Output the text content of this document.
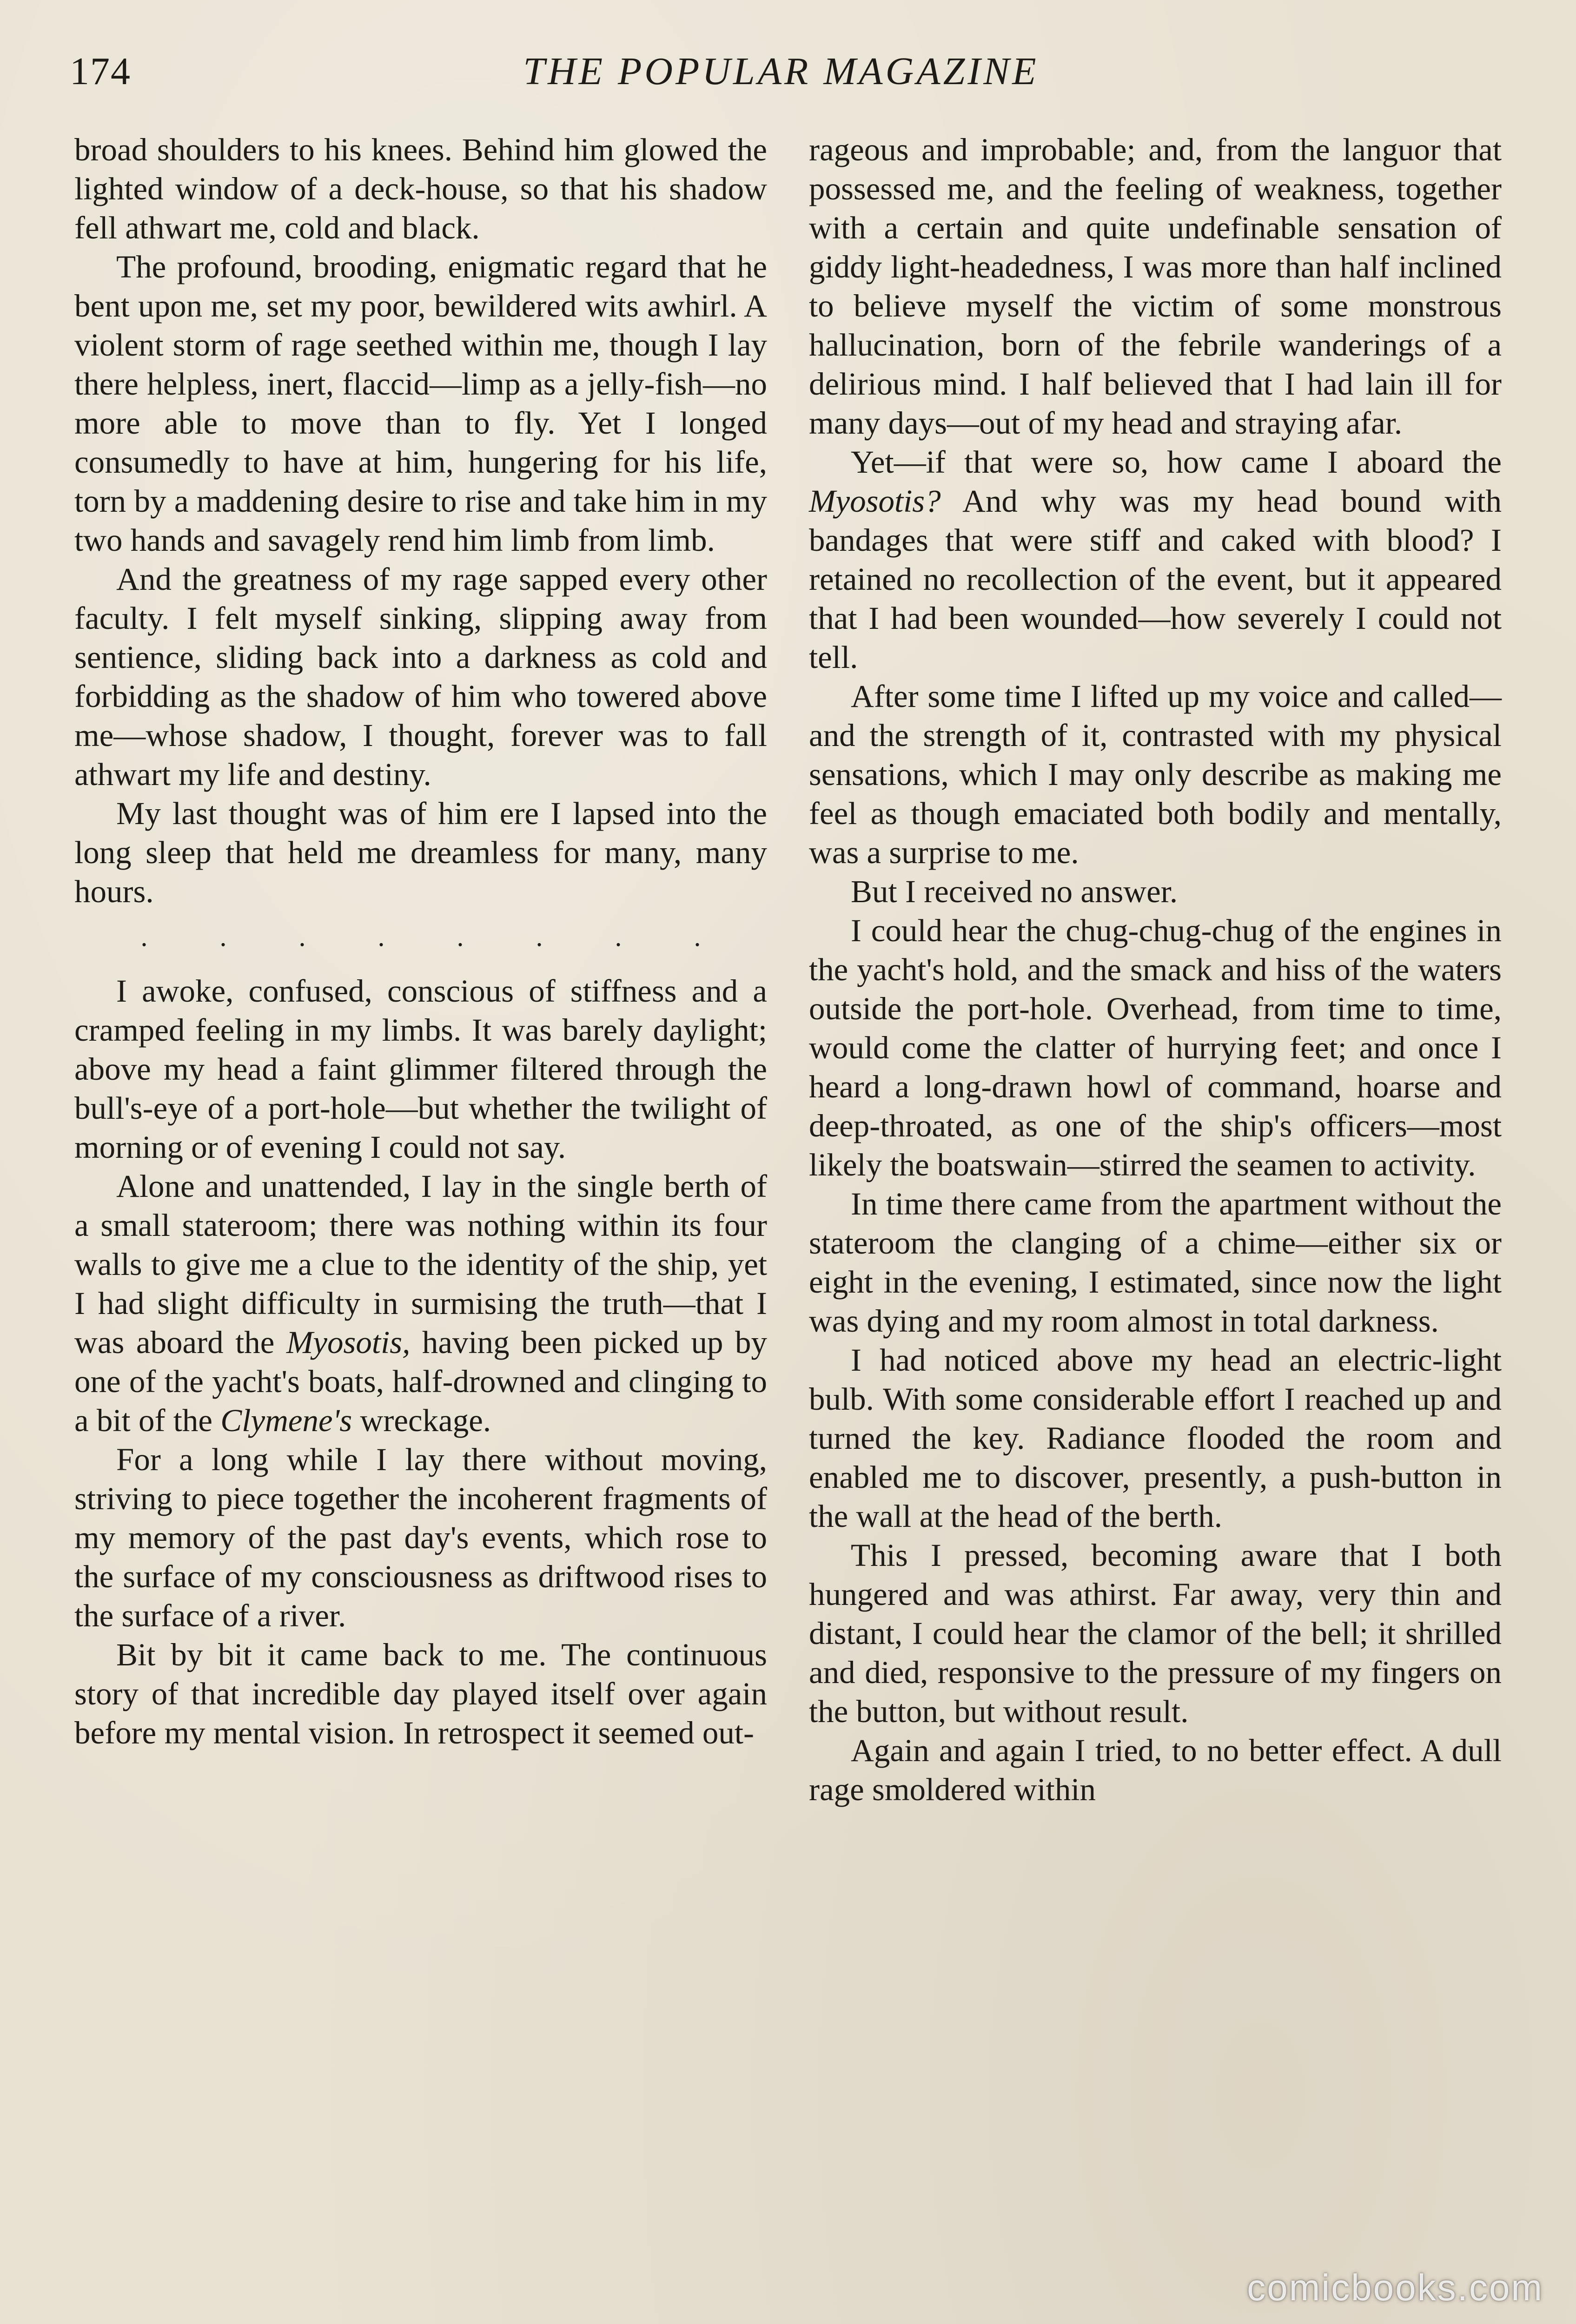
174	THE POPULAR MAGAZINE

broad shoulders to his knees. Behind him glowed the lighted window of a deck-house, so that his shadow fell athwart me, cold and black.

The profound, brooding, enigmatic regard that he bent upon me, set my poor, bewildered wits awhirl. A violent storm of rage seethed within me, though I lay there helpless, inert, flaccid—limp as a jelly-fish—no more able to move than to fly. Yet I longed consumedly to have at him, hungering for his life, torn by a maddening desire to rise and take him in my two hands and savagely rend him limb from limb.

And the greatness of my rage sapped every other faculty. I felt myself sinking, slipping away from sentience, sliding back into a darkness as cold and forbidding as the shadow of him who towered above me—whose shadow, I thought, forever was to fall athwart my life and destiny.

My last thought was of him ere I lapsed into the long sleep that held me dreamless for many, many hours.

. . . . . . . .

I awoke, confused, conscious of stiffness and a cramped feeling in my limbs. It was barely daylight; above my head a faint glimmer filtered through the bull's-eye of a port-hole—but whether the twilight of morning or of evening I could not say.

Alone and unattended, I lay in the single berth of a small stateroom; there was nothing within its four walls to give me a clue to the identity of the ship, yet I had slight difficulty in surmising the truth—that I was aboard the Myosotis, having been picked up by one of the yacht's boats, half-drowned and clinging to a bit of the Clymene's wreckage.

For a long while I lay there without moving, striving to piece together the incoherent fragments of my memory of the past day's events, which rose to the surface of my consciousness as driftwood rises to the surface of a river.

Bit by bit it came back to me. The continuous story of that incredible day played itself over again before my mental vision. In retrospect it seemed out-

rageous and improbable; and, from the languor that possessed me, and the feeling of weakness, together with a certain and quite undefinable sensation of giddy light-headedness, I was more than half inclined to believe myself the victim of some monstrous hallucination, born of the febrile wanderings of a delirious mind. I half believed that I had lain ill for many days—out of my head and straying afar.

Yet—if that were so, how came I aboard the Myosotis? And why was my head bound with bandages that were stiff and caked with blood? I retained no recollection of the event, but it appeared that I had been wounded—how severely I could not tell.

After some time I lifted up my voice and called—and the strength of it, contrasted with my physical sensations, which I may only describe as making me feel as though emaciated both bodily and mentally, was a surprise to me.

But I received no answer.

I could hear the chug-chug-chug of the engines in the yacht's hold, and the smack and hiss of the waters outside the port-hole. Overhead, from time to time, would come the clatter of hurrying feet; and once I heard a long-drawn howl of command, hoarse and deep-throated, as one of the ship's officers—most likely the boatswain—stirred the seamen to activity.

In time there came from the apartment without the stateroom the clanging of a chime—either six or eight in the evening, I estimated, since now the light was dying and my room almost in total darkness.

I had noticed above my head an electric-light bulb. With some considerable effort I reached up and turned the key. Radiance flooded the room and enabled me to discover, presently, a push-button in the wall at the head of the berth.

This I pressed, becoming aware that I both hungered and was athirst. Far away, very thin and distant, I could hear the clamor of the bell; it shrilled and died, responsive to the pressure of my fingers on the button, but without result.

Again and again I tried, to no better effect. A dull rage smoldered within

comicbooks.com
